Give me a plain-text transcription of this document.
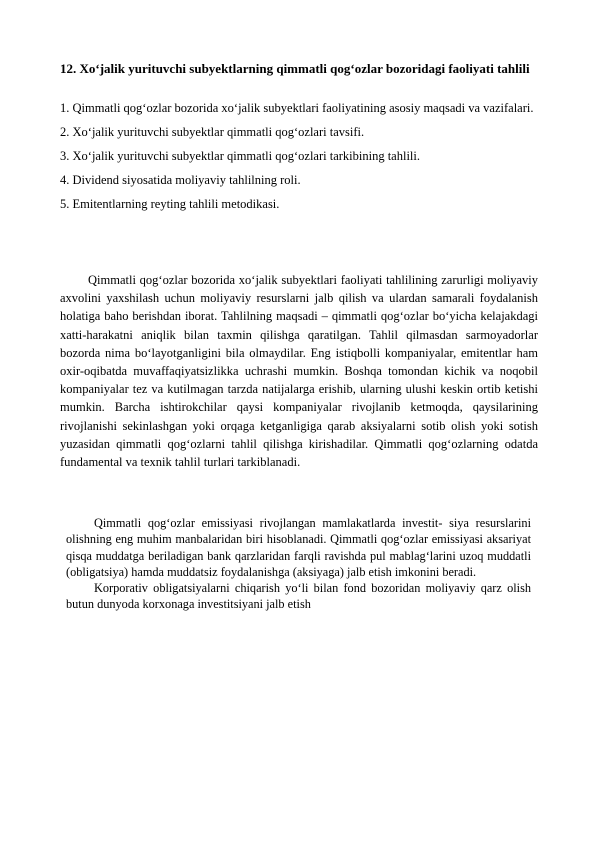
12. Xo‘jalik yurituvchi subyektlarning qimmatli qog‘ozlar bozoridagi faoliyati tahlili

1. Qimmatli qog‘ozlar bozorida xo‘jalik subyektlari faoliyatining asosiy maqsadi va vazifalari.
2. Xo‘jalik yurituvchi subyektlar qimmatli qog‘ozlari tavsifi.
3. Xo‘jalik yurituvchi subyektlar qimmatli qog‘ozlari tarkibining tahlili.
4. Dividend siyosatida moliyaviy tahlilning roli.
5. Emitentlarning reyting tahlili metodikasi.

Qimmatli qog‘ozlar bozorida xo‘jalik subyektlari faoliyati tahlilining zarurligi moliyaviy axvolini yaxshilash uchun moliyaviy resurslarni jalb qilish va ulardan samarali foydalanish holatiga baho berishdan iborat. Tahlilning maqsadi – qimmatli qog‘ozlar bo‘yicha kelajakdagi xatti-harakatni aniqlik bilan taxmin qilishga qaratilgan. Tahlil qilmasdan sarmoyadorlar bozorda nima bo‘layotganligini bila olmaydilar. Eng istiqbolli kompaniyalar, emitentlar ham oxir-oqibatda muvaffaqiyatsizlikka uchrashi mumkin. Boshqa tomondan kichik va noqobil kompaniyalar tez va kutilmagan tarzda natijalarga erishib, ularning ulushi keskin ortib ketishi mumkin. Barcha ishtirokchilar qaysi kompaniyalar rivojlanib ketmoqda, qaysilarining rivojlanishi sekinlashgan yoki orqaga ketganligiga qarab aksiyalarni sotib olish yoki sotish yuzasidan qimmatli qog‘ozlarni tahlil qilishga kirishadilar. Qimmatli qog‘ozlarning odatda fundamental va texnik tahlil turlari tarkiblanadi.

Qimmatli qog‘ozlar emissiyasi rivojlangan mamlakatlarda investit- siya resurslarini olishning eng muhim manbalaridan biri hisoblanadi. Qimmatli qog‘ozlar emissiyasi aksariyat qisqa muddatga beriladigan bank qarzlaridan farqli ravishda pul mablag‘larini uzoq muddatli (obligatsiya) hamda muddatsiz foydalanishga (aksiyaga) jalb etish imkonini beradi.

Korporativ obligatsiyalarni chiqarish yo‘li bilan fond bozoridan moliyaviy qarz olish butun dunyoda korxonaga investitsiyani jalb etish
